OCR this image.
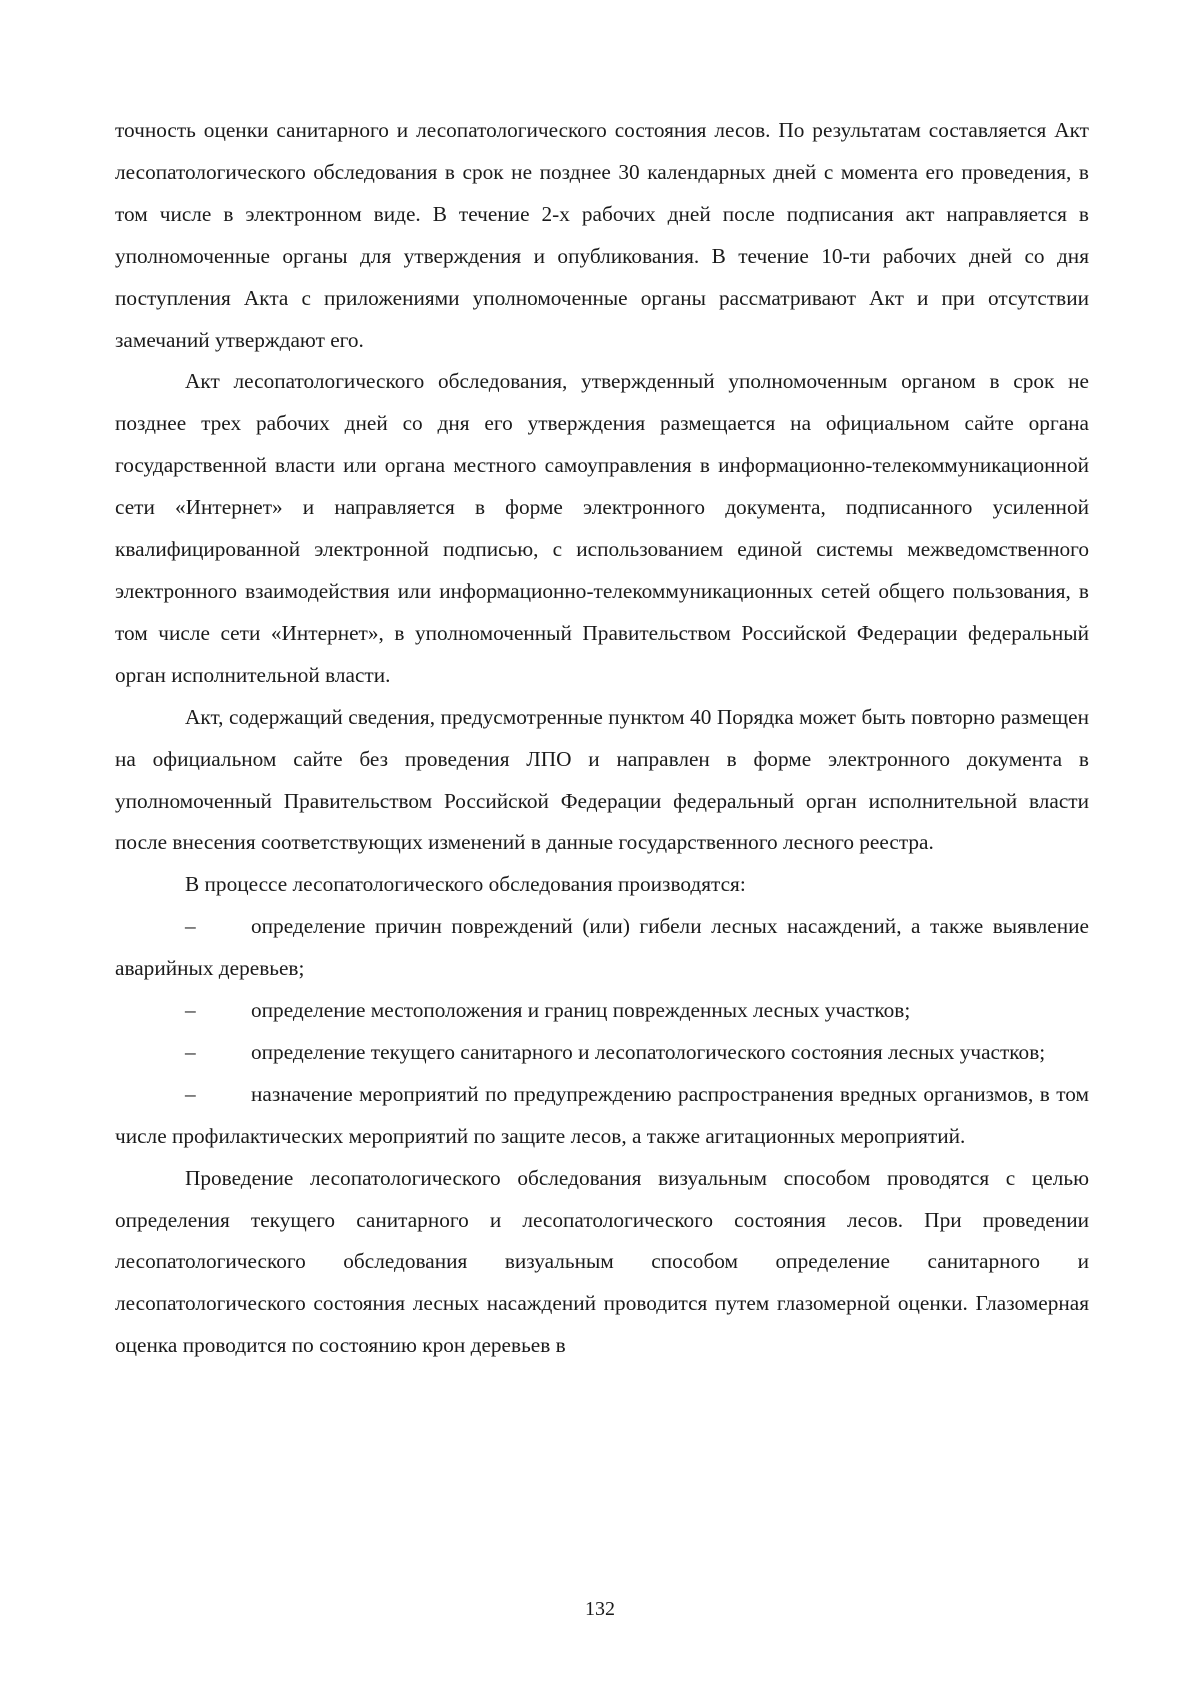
точность оценки санитарного и лесопатологического состояния лесов. По результатам составляется Акт лесопатологического обследования в срок не позднее 30 календарных дней с момента его проведения, в том числе в электронном виде. В течение 2-х рабочих дней после подписания акт направляется в уполномоченные органы для утверждения и опубликования. В течение 10-ти рабочих дней со дня поступления Акта с приложениями уполномоченные органы рассматривают Акт и при отсутствии замечаний утверждают его.

Акт лесопатологического обследования, утвержденный уполномоченным органом в срок не позднее трех рабочих дней со дня его утверждения размещается на официальном сайте органа государственной власти или органа местного самоуправления в информационно-телекоммуникационной сети «Интернет» и направляется в форме электронного документа, подписанного усиленной квалифицированной электронной подписью, с использованием единой системы межведомственного электронного взаимодействия или информационно-телекоммуникационных сетей общего пользования, в том числе сети «Интернет», в уполномоченный Правительством Российской Федерации федеральный орган исполнительной власти.

Акт, содержащий сведения, предусмотренные пунктом 40 Порядка может быть повторно размещен на официальном сайте без проведения ЛПО и направлен в форме электронного документа в уполномоченный Правительством Российской Федерации федеральный орган исполнительной власти после внесения соответствующих изменений в данные государственного лесного реестра.

В процессе лесопатологического обследования производятся:

–	определение причин повреждений (или) гибели лесных насаждений, а также выявление аварийных деревьев;

–	определение местоположения и границ поврежденных лесных участков;

–	определение текущего санитарного и лесопатологического состояния лесных участков;

–	назначение мероприятий по предупреждению распространения вредных организмов, в том числе профилактических мероприятий по защите лесов, а также агитационных мероприятий.

Проведение лесопатологического обследования визуальным способом проводятся с целью определения текущего санитарного и лесопатологического состояния лесов. При проведении лесопатологического обследования визуальным способом определение санитарного и лесопатологического состояния лесных насаждений проводится путем глазомерной оценки. Глазомерная оценка проводится по состоянию крон деревьев в

132
